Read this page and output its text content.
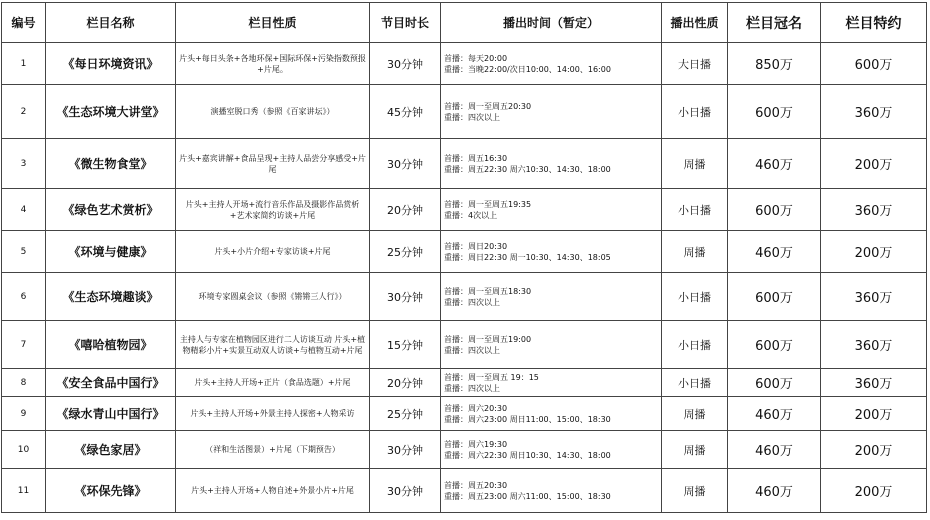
编号	栏目名称	栏目性质	节目时长	播出时间（暂定）	播出性质	栏目冠名	栏目特约
1	《每日环境资讯》	片头+每日头条+各地环保+国际环保+污染指数预报+片尾。	30分钟	首播：每天20:00
重播：当晚22:00/次日10:00、14:00、16:00	大日播	850万	600万
2	《生态环境大讲堂》	演播室脱口秀（参照《百家讲坛》）	45分钟	首播：周一至周五20:30
重播：四次以上	小日播	600万	360万
3	《微生物食堂》	片头+嘉宾讲解+食品呈现+主持人品尝分享感受+片尾	30分钟	首播：周五16:30
重播：周五22:30 周六10:30、14:30、18:00	周播	460万	200万
4	《绿色艺术赏析》	片头+主持人开场+流行音乐作品及摄影作品赏析+艺术家简约访谈+片尾	20分钟	首播：周一至周五19:35
重播：4次以上	小日播	600万	360万
5	《环境与健康》	片头+小片介绍+专家访谈+片尾	25分钟	首播：周日20:30
重播：周日22:30 周一10:30、14:30、18:05	周播	460万	200万
6	《生态环境趣谈》	环境专家圆桌会议（参照《锵锵三人行》）	30分钟	首播：周一至周五18:30
重播：四次以上	小日播	600万	360万
7	《嘻哈植物园》	主持人与专家在植物园区进行二人访谈互动 片头+植物精彩小片+实景互动双人访谈+与植物互动+片尾	15分钟	首播：周一至周五19:00
重播：四次以上	小日播	600万	360万
8	《安全食品中国行》	片头+主持人开场+正片（食品选题）+片尾	20分钟	首播：周一至周五 19：15
重播：四次以上	小日播	600万	360万
9	《绿水青山中国行》	片头+主持人开场+外景主持人探密+人物采访	25分钟	首播：周六20:30
重播：周六23:00 周日11:00、15:00、18:30	周播	460万	200万
10	《绿色家居》	（祥和生活图景）+片尾（下期预告）	30分钟	首播：周六19:30
重播：周六22:30 周日10:30、14:30、18:00	周播	460万	200万
11	《环保先锋》	片头+主持人开场+人物自述+外景小片+片尾	30分钟	首播：周五20:30
重播：周五23:00 周六11:00、15:00、18:30	周播	460万	200万
